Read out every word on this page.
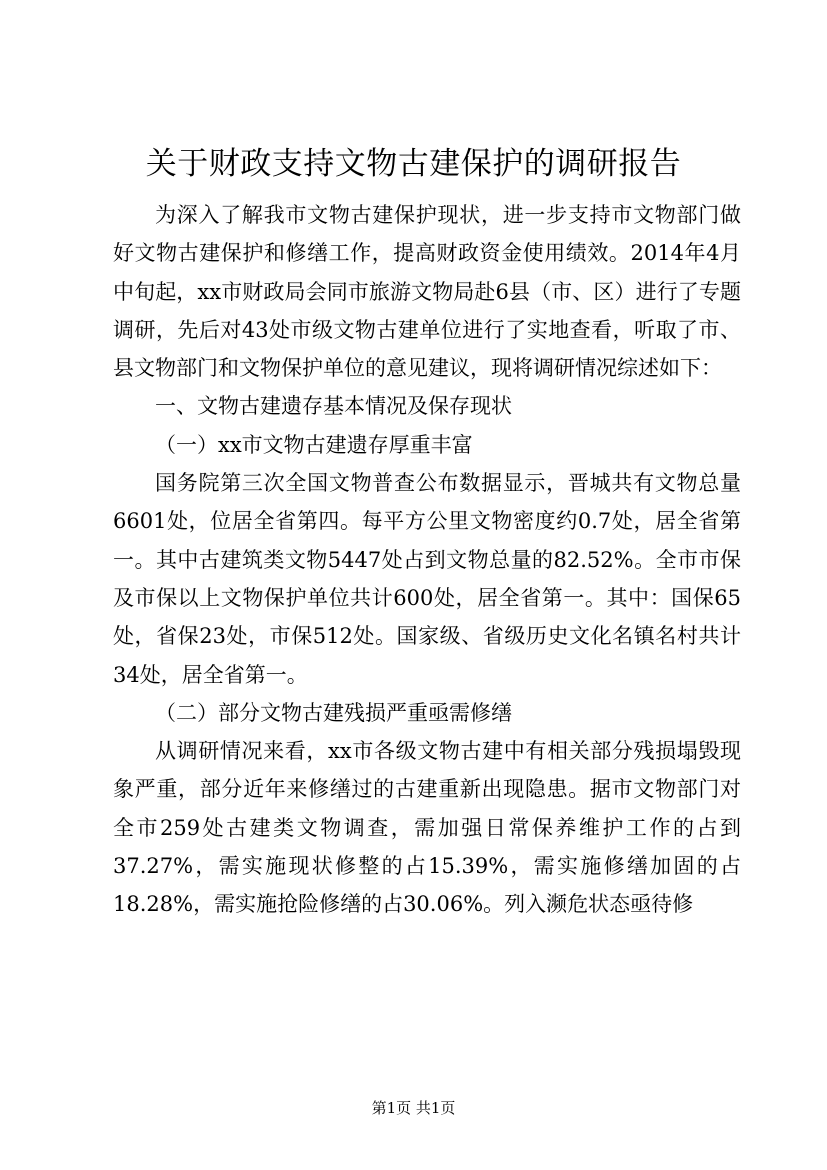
关于财政支持文物古建保护的调研报告

为深入了解我市文物古建保护现状，进一步支持市文物部门做好文物古建保护和修缮工作，提高财政资金使用绩效。2014年4月中旬起，xx市财政局会同市旅游文物局赴6县（市、区）进行了专题调研，先后对43处市级文物古建单位进行了实地查看，听取了市、县文物部门和文物保护单位的意见建议，现将调研情况综述如下：

一、文物古建遗存基本情况及保存现状

（一）xx市文物古建遗存厚重丰富

国务院第三次全国文物普查公布数据显示，晋城共有文物总量6601处，位居全省第四。每平方公里文物密度约0.7处，居全省第一。其中古建筑类文物5447处占到文物总量的82.52%。全市市保及市保以上文物保护单位共计600处，居全省第一。其中：国保65处，省保23处，市保512处。国家级、省级历史文化名镇名村共计34处，居全省第一。

（二）部分文物古建残损严重亟需修缮

从调研情况来看，xx市各级文物古建中有相关部分残损塌毁现象严重，部分近年来修缮过的古建重新出现隐患。据市文物部门对全市259处古建类文物调查，需加强日常保养维护工作的占到37.27%，需实施现状修整的占15.39%，需实施修缮加固的占18.28%，需实施抢险修缮的占30.06%。列入濒危状态亟待修

第1页 共1页
